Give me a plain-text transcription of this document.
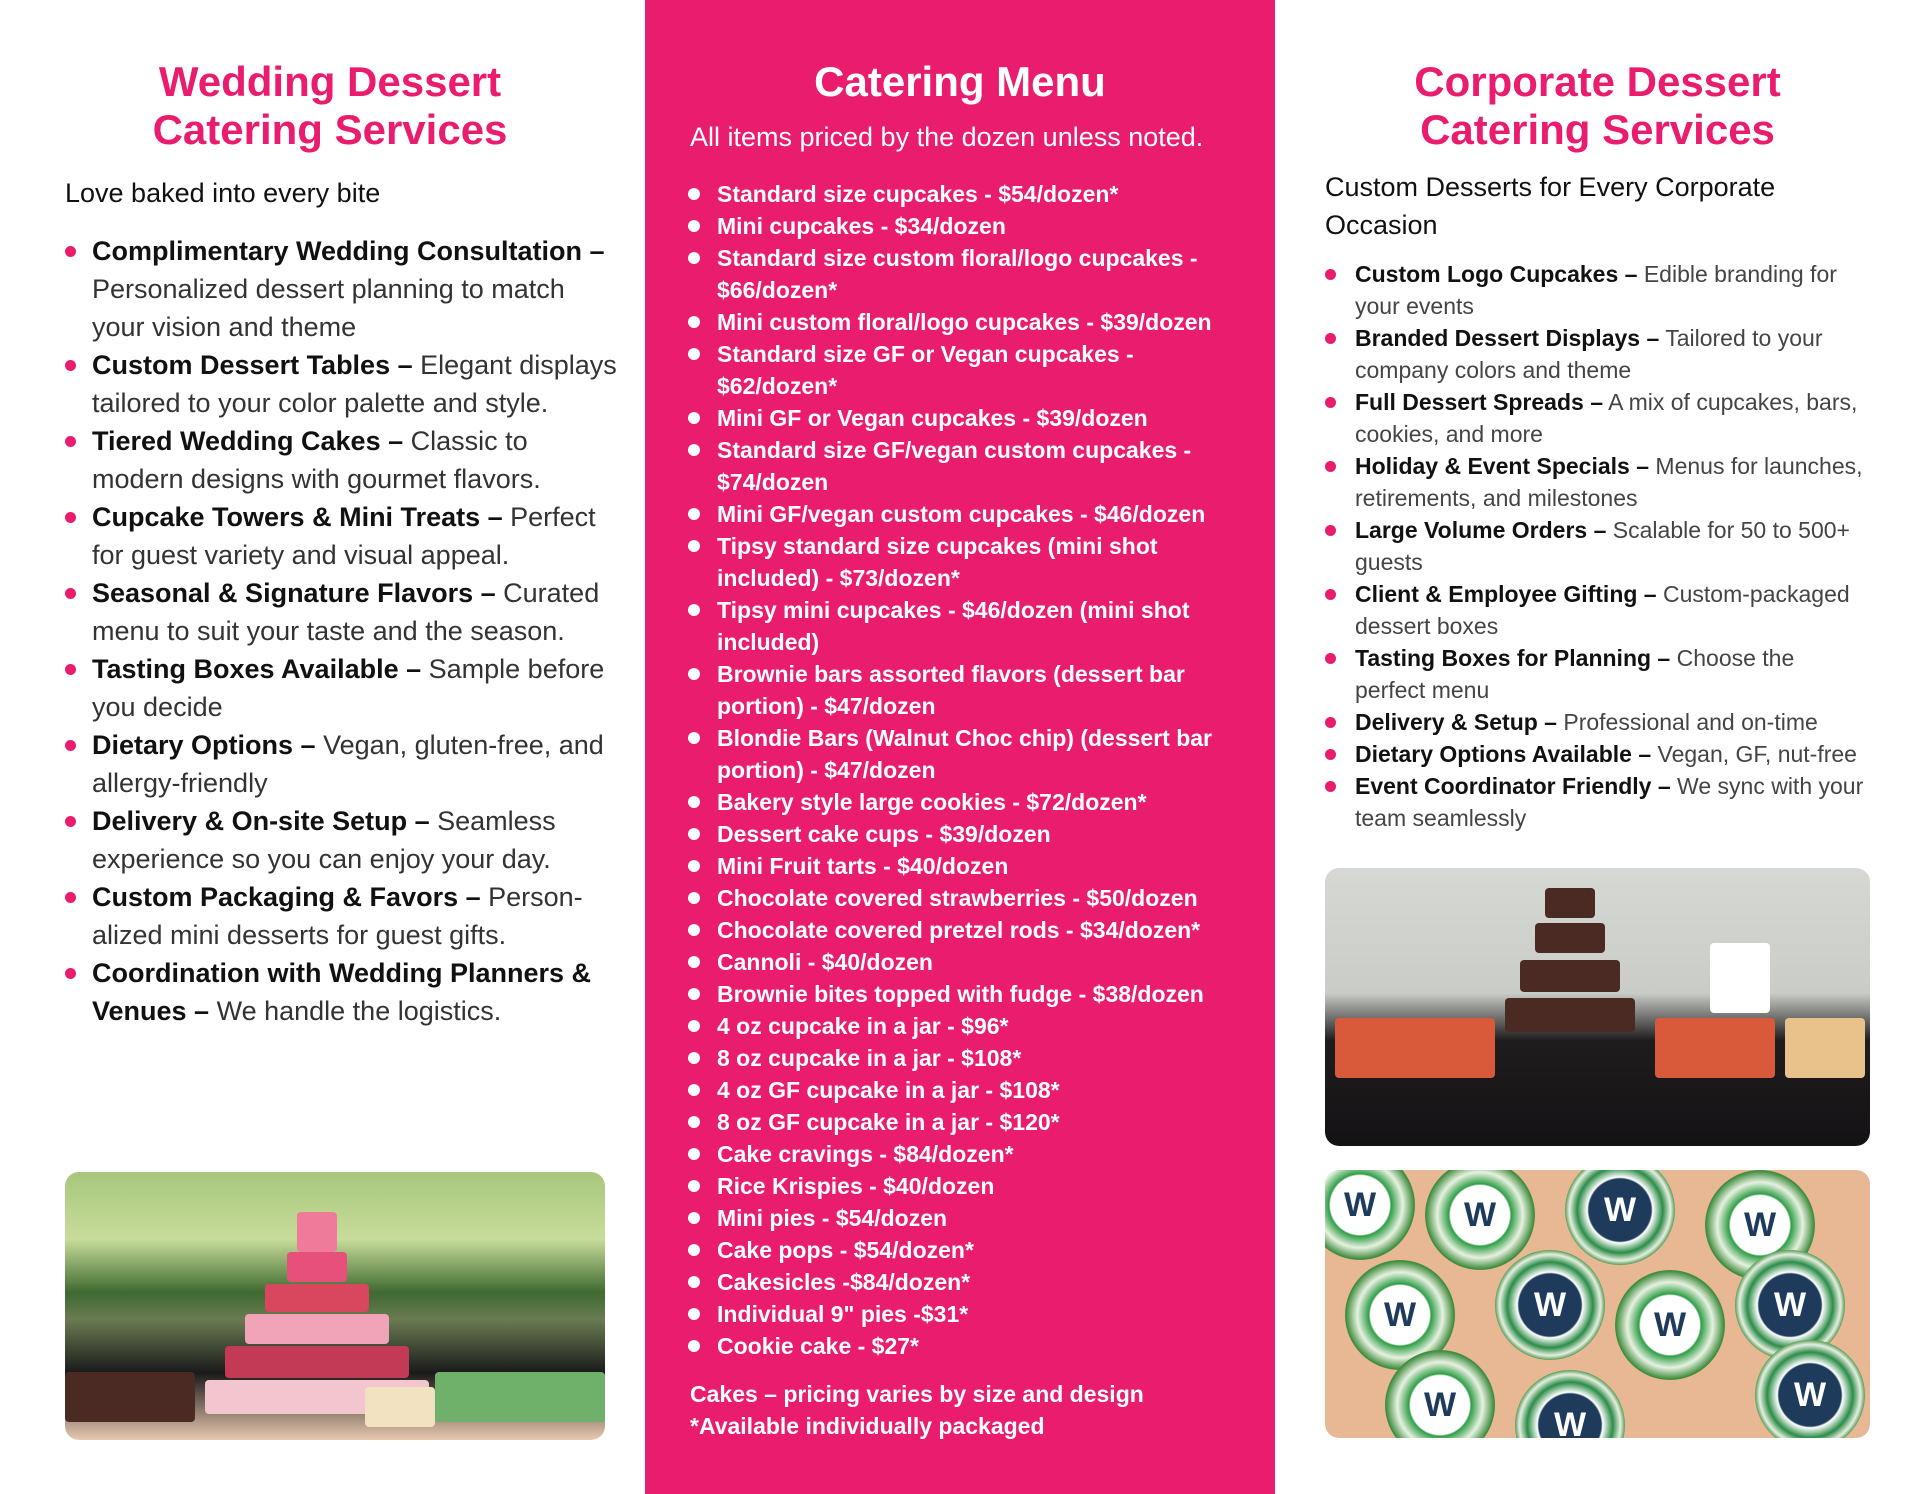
Wedding Dessert
Catering Services

Love baked into every bite

Complimentary Wedding Consultation – Personalized dessert planning to match your vision and theme
Custom Dessert Tables – Elegant displays tailored to your color palette and style.
Tiered Wedding Cakes – Classic to modern designs with gourmet flavors.
Cupcake Towers & Mini Treats – Perfect for guest variety and visual appeal.
Seasonal & Signature Flavors – Curated menu to suit your taste and the season.
Tasting Boxes Available – Sample before you decide
Dietary Options – Vegan, gluten-free, and allergy-friendly
Delivery & On-site Setup – Seamless experience so you can enjoy your day.
Custom Packaging & Favors – Person-alized mini desserts for guest gifts.
Coordination with Wedding Planners & Venues – We handle the logistics.
Catering Menu

All items priced by the dozen unless noted.

Standard size cupcakes - $54/dozen*
Mini cupcakes - $34/dozen
Standard size custom floral/logo cupcakes - $66/dozen*
Mini custom floral/logo cupcakes - $39/dozen
Standard size GF or Vegan cupcakes - $62/dozen*
Mini GF or Vegan cupcakes - $39/dozen
Standard size GF/vegan custom cupcakes - $74/dozen
Mini GF/vegan custom cupcakes - $46/dozen
Tipsy standard size cupcakes (mini shot included) - $73/dozen*
Tipsy mini cupcakes - $46/dozen (mini shot included)
Brownie bars assorted flavors (dessert bar portion) - $47/dozen
Blondie Bars (Walnut Choc chip) (dessert bar portion) - $47/dozen
Bakery style large cookies - $72/dozen*
Dessert cake cups - $39/dozen
Mini Fruit tarts - $40/dozen
Chocolate covered strawberries - $50/dozen
Chocolate covered pretzel rods - $34/dozen*
Cannoli - $40/dozen
Brownie bites topped with fudge - $38/dozen
4 oz cupcake in a jar - $96*
8 oz cupcake in a jar - $108*
4 oz GF cupcake in a jar - $108*
8 oz GF cupcake in a jar - $120*
Cake cravings - $84/dozen*
Rice Krispies - $40/dozen
Mini pies - $54/dozen
Cake pops - $54/dozen*
Cakesicles -$84/dozen*
Individual 9" pies -$31*
Cookie cake - $27*
Cakes – pricing varies by size and design
*Available individually packaged
Corporate Dessert
Catering Services

Custom Desserts for Every Corporate Occasion

Custom Logo Cupcakes – Edible branding for your events
Branded Dessert Displays – Tailored to your company colors and theme
Full Dessert Spreads – A mix of cupcakes, bars, cookies, and more
Holiday & Event Specials – Menus for launches, retirements, and milestones
Large Volume Orders – Scalable for 50 to 500+ guests
Client & Employee Gifting – Custom-packaged dessert boxes
Tasting Boxes for Planning – Choose the perfect menu
Delivery & Setup – Professional and on-time
Dietary Options Available – Vegan, GF, nut-free
Event Coordinator Friendly – We sync with your team seamlessly
W	W	W	W
W	W
W
W
W
W
W
